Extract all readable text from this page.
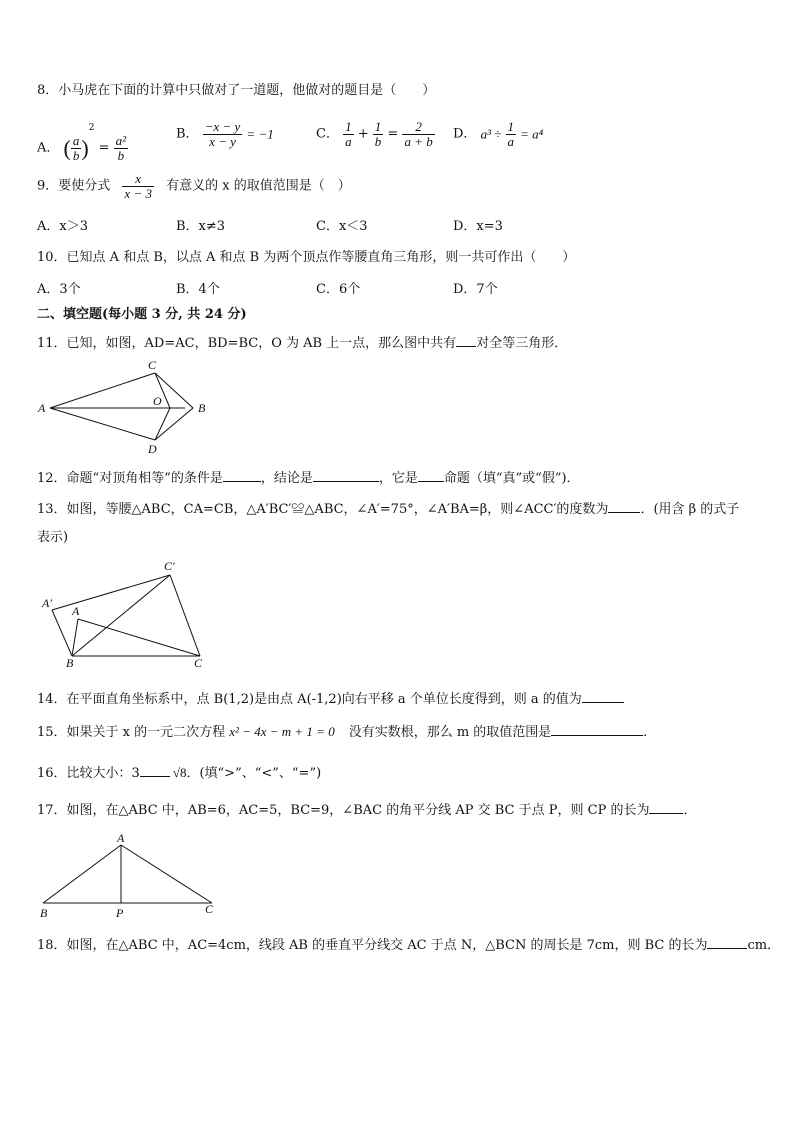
8．小马虎在下面的计算中只做对了一道题，他做对的题目是（　　）
A． ( $\frac{a}{b} )^2 = \frac{\text{a²}}{b}$	B． $\frac{-x - y}{x - y} = -1$	C． $\frac{1}{a} + \frac{1}{b} = \frac{2}{a + b}$ D． $a^3 \div \frac{1}{a} = a^4$
9．要使分式 $\frac{x}{x - 3}$ 有意义的 x 的取值范围是（　）
A．x＞3	B．x≠3	C．x＜3	D．x=3
10．已知点 A 和点 B，以点 A 和点 B 为两个顶点作等腰直角三角形，则一共可作出（　　）
A．3个	B．4个	C．6个	D．7个
二、填空题(每小题 3 分, 共 24 分)
11．已知，如图，AD=AC，BD=BC，O 为 AB 上一点，那么图中共有 对全等三角形．
A	B
C
D
O
12．命题“对顶角相等”的条件是	，结论是	，它是 命题（填“真”或“假”)．
13．如图，等腰△ABC，CA=CB，△A′BC′≌△ABC，∠A′=75°，∠A′BA=β，则∠ACC′的度数为 ．(用含 β 的式子
表示)
A′
A
B	C
C′
14．在平面直角坐标系中，点 B(1,2)是由点 A(-1,2)向右平移 a 个单位长度得到，则 a 的值为
15．如果关于 x 的一元二次方程 x² − 4x − m + 1 = 0 没有实数根，那么 m 的取值范围是	．
16．比较大小：3	√8．(填“>”、“<”、“=”)
17．如图，在△ABC 中，AB=6，AC=5，BC=9，∠BAC 的角平分线 AP 交 BC 于点 P，则 CP 的长为	．
A
B	P	C
18．如图，在△ABC 中，AC=4cm，线段 AB 的垂直平分线交 AC 于点 N，△BCN 的周长是 7cm，则 BC 的长为	cm．
